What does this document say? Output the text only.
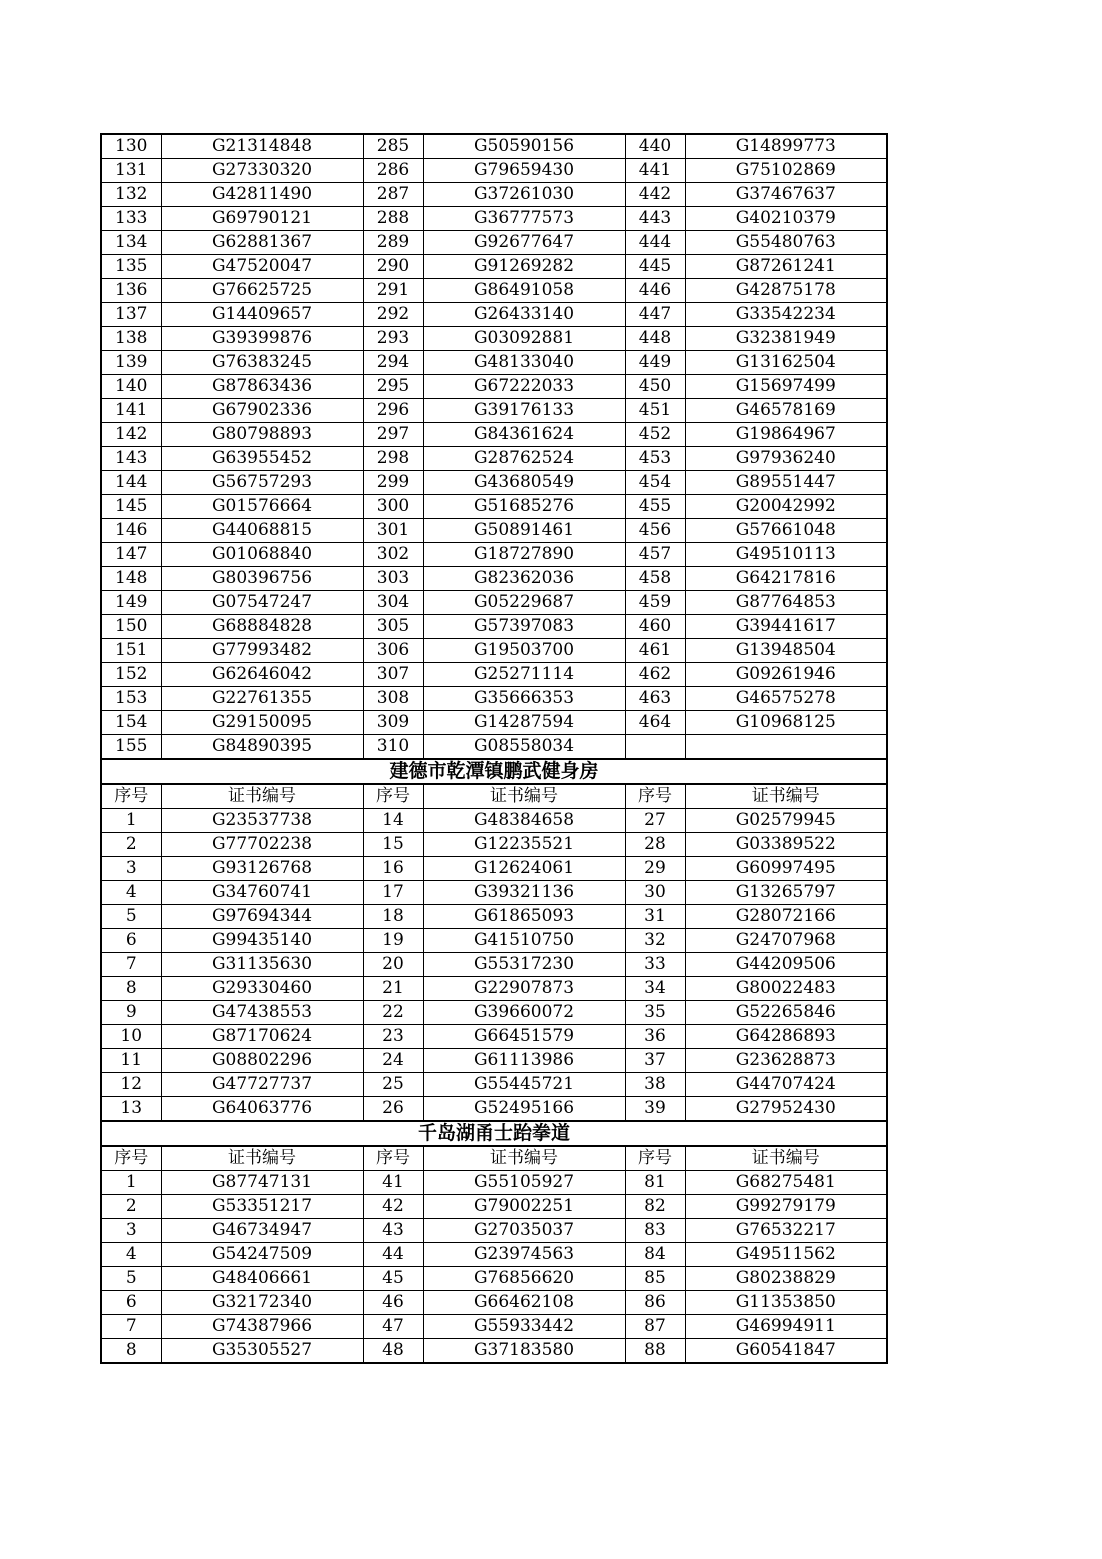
130	G21314848	285	G50590156	440	G14899773
131	G27330320	286	G79659430	441	G75102869
132	G42811490	287	G37261030	442	G37467637
133	G69790121	288	G36777573	443	G40210379
134	G62881367	289	G92677647	444	G55480763
135	G47520047	290	G91269282	445	G87261241
136	G76625725	291	G86491058	446	G42875178
137	G14409657	292	G26433140	447	G33542234
138	G39399876	293	G03092881	448	G32381949
139	G76383245	294	G48133040	449	G13162504
140	G87863436	295	G67222033	450	G15697499
141	G67902336	296	G39176133	451	G46578169
142	G80798893	297	G84361624	452	G19864967
143	G63955452	298	G28762524	453	G97936240
144	G56757293	299	G43680549	454	G89551447
145	G01576664	300	G51685276	455	G20042992
146	G44068815	301	G50891461	456	G57661048
147	G01068840	302	G18727890	457	G49510113
148	G80396756	303	G82362036	458	G64217816
149	G07547247	304	G05229687	459	G87764853
150	G68884828	305	G57397083	460	G39441617
151	G77993482	306	G19503700	461	G13948504
152	G62646042	307	G25271114	462	G09261946
153	G22761355	308	G35666353	463	G46575278
154	G29150095	309	G14287594	464	G10968125
155	G84890395	310	G08558034		
建德市乾潭镇鹏武健身房					
序号	证书编号	序号	证书编号	序号	证书编号
1	G23537738	14	G48384658	27	G02579945
2	G77702238	15	G12235521	28	G03389522
3	G93126768	16	G12624061	29	G60997495
4	G34760741	17	G39321136	30	G13265797
5	G97694344	18	G61865093	31	G28072166
6	G99435140	19	G41510750	32	G24707968
7	G31135630	20	G55317230	33	G44209506
8	G29330460	21	G22907873	34	G80022483
9	G47438553	22	G39660072	35	G52265846
10	G87170624	23	G66451579	36	G64286893
11	G08802296	24	G61113986	37	G23628873
12	G47727737	25	G55445721	38	G44707424
13	G64063776	26	G52495166	39	G27952430
千岛湖甬士跆拳道					
序号	证书编号	序号	证书编号	序号	证书编号
1	G87747131	41	G55105927	81	G68275481
2	G53351217	42	G79002251	82	G99279179
3	G46734947	43	G27035037	83	G76532217
4	G54247509	44	G23974563	84	G49511562
5	G48406661	45	G76856620	85	G80238829
6	G32172340	46	G66462108	86	G11353850
7	G74387966	47	G55933442	87	G46994911
8	G35305527	48	G37183580	88	G60541847
